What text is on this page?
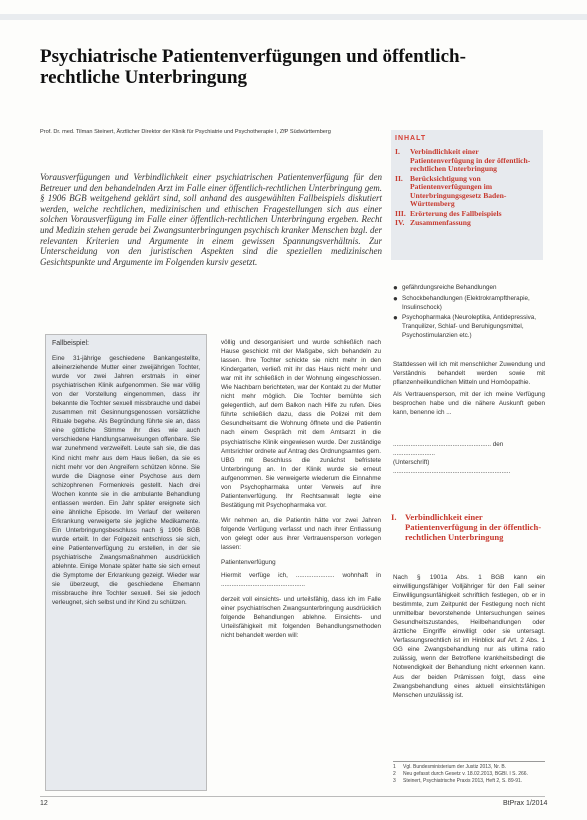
Psychiatrische Patientenverfügungen und öffentlich-rechtliche Unterbringung
Prof. Dr. med. Tilman Steinert, Ärztlicher Direktor der Klinik für Psychiatrie und Psychotherapie I, ZfP Südwürttemberg
Vorausverfügungen und Verbindlichkeit einer psychiatrischen Patientenverfügung für den Betreuer und den behandelnden Arzt im Falle einer öffentlich-rechtlichen Unterbringung gem. § 1906 BGB weitgehend geklärt sind, soll anhand des ausgewählten Fallbeispiels diskutiert werden, welche rechtlichen, medizinischen und ethischen Fragestellungen sich aus einer solchen Vorausverfügung im Falle einer öffentlich-rechtlichen Unterbringung ergeben. Recht und Medizin stehen gerade bei Zwangsunterbringungen psychisch kranker Menschen bzgl. der relevanten Kriterien und Argumente in einem gewissen Spannungsverhältnis. Zur Unterscheidung von den juristischen Aspekten sind die speziellen medizinischen Gesichtspunkte und Argumente im Folgenden kursiv gesetzt.
INHALT
I.	Verbindlichkeit einer Patientenverfügung in der öffentlich-rechtlichen Unterbringung
II. Berücksichtigung von Patientenverfügungen im Unterbringungsgesetz Baden-Württemberg
III. Erörterung des Fallbeispiels
IV. Zusammenfassung
● gefährdungsreiche Behandlungen
● Schockbehandlungen (Elektrokrampftherapie, Insulinschock)
● Psychopharmaka (Neuroleptika, Antidepressiva, Tranquilizer, Schlaf- und Beruhigungsmittel, Psychostimulanzien etc.)
Stattdessen will ich mit menschlicher Zuwendung und Verständnis behandelt werden sowie mit pflanzenheilkundlichen Mitteln und Homöopathie.
Als Vertrauensperson, mit der ich meine Verfügung besprochen habe und die nähere Auskunft geben kann, benenne ich ...
........................................................ den ........................
(Unterschrift) ...................................................................
Fallbeispiel:
Eine 31-jährige geschiedene Bankangestellte, alleinerziehende Mutter einer zweijährigen Tochter, wurde vor zwei Jahren erstmals in einer psychiatrischen Klinik aufgenommen. Sie war völlig von der Vorstellung eingenommen, dass ihr bekannte die Tochter sexuell missbrauche und dabei zusammen mit Gesinnungsgenossen vorsätzliche Rituale begehe. Als Begründung führte sie an, dass eine göttliche Stimme ihr dies wie auch verschiedene Handlungsanweisungen offenbare. Sie war zunehmend verzweifelt. Leute sah sie, die das Kind nicht mehr aus dem Haus ließen, da sie es nicht mehr vor den Angreifern schützen könne. Sie wurde die Diagnose einer Psychose aus dem schizophrenen Formenkreis gestellt. Nach drei Wochen konnte sie in die ambulante Behandlung entlassen werden. Ein Jahr später ereignete sich eine ähnliche Episode. Im Verlauf der weiteren Erkrankung verweigerte sie jegliche Medikamente. Ein Unterbringungsbeschluss nach § 1906 BGB wurde erteilt. In der Folgezeit entschloss sie sich, eine Patientenverfügung zu erstellen, in der sie psychiatrische Zwangsmaßnahmen ausdrücklich ablehnte. Einige Monate später hatte sie sich erneut die Symptome der Erkrankung gezeigt. Wieder war sie überzeugt, die geschiedene Ehemann missbrauche ihre Tochter sexuell. Sei sie jedoch verleugnet, sich selbst und ihr Kind zu schützen.
völlig und desorganisiert und wurde schließlich nach Hause geschickt mit der Maßgabe, sich behandeln zu lassen. Ihre Tochter schickte sie nicht mehr in den Kindergarten, verließ mit ihr das Haus nicht mehr und war mit ihr schließlich in der Wohnung eingeschlossen. Wie Nachbarn berichteten, war der Kontakt zu der Mutter nicht mehr möglich. Die Tochter bemühte sich gelegentlich, auf dem Balkon nach Hilfe zu rufen. Dies führte schließlich dazu, dass die Polizei mit dem Gesundheitsamt die Wohnung öffnete und die Patientin nach einem Gespräch mit dem Amtsarzt in die psychiatrische Klinik eingewiesen wurde. Der zuständige Amtsrichter ordnete auf Antrag des Ordnungsamtes gem. UBG mit Beschluss die zunächst befristete Unterbringung an. In der Klinik wurde sie erneut aufgenommen. Sie verweigerte wiederum die Einnahme von Psychopharmaka unter Verweis auf ihre Patientenverfügung. Ihr Rechtsanwalt legte eine Bestätigung mit Psychopharmaka vor.
Wir nehmen an, die Patientin hätte vor zwei Jahren folgende Verfügung verfasst und nach ihrer Entlassung von gelegt oder aus ihrer Vertrauensperson vorlegen lassen:
Patientenverfügung
Hiermit verfüge ich, ...................... wohnhaft in ................................................
derzeit voll einsichts- und urteilsfähig, dass ich im Falle einer psychiatrischen Zwangsunterbringung ausdrücklich folgende Behandlungen ablehne. Einsichts- und Urteilsfähigkeit mit folgenden Behandlungsmethoden nicht behandelt werden will:
I. Verbindlichkeit einer Patientenverfügung in der öffentlich-rechtlichen Unterbringung
Nach § 1901a Abs. 1 BGB kann ein einwilligungsfähiger Volljähriger für den Fall seiner Einwilligungsunfähigkeit schriftlich festlegen, ob er in bestimmte, zum Zeitpunkt der Festlegung noch nicht unmittelbar bevorstehende Untersuchungen seines Gesundheitszustandes, Heilbehandlungen oder ärztliche Eingriffe einwilligt oder sie untersagt. Verfassungsrechtlich ist im Hinblick auf Art. 2 Abs. 1 GG eine Zwangsbehandlung nur als ultima ratio zulässig, wenn der Betroffene krankheitsbedingt die Notwendigkeit der Behandlung nicht erkennen kann. Aus der beiden Prämissen folgt, dass eine Zwangsbehandlung eines aktuell einsichtsfähigen Menschen unzulässig ist.
1	Vgl. Bundesministerium der Justiz 2013, Nr. B.
2	Neu gefasst durch Gesetz v. 18.02.2013, BGBl. I S. 266.
3	Steinert, Psychiatrische Praxis 2013, Heft 2, S. 89-91.
12	BtPrax 1/2014
